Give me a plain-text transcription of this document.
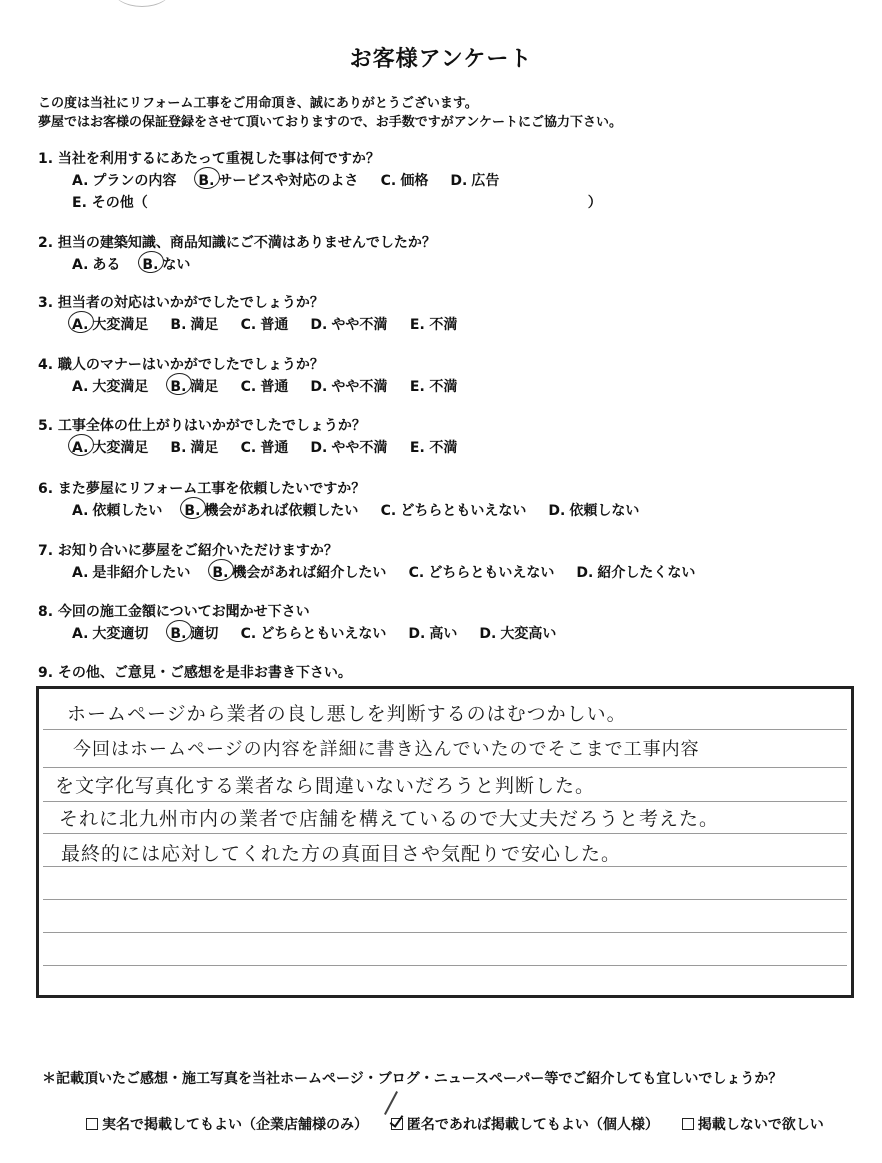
お客様アンケート
この度は当社にリフォーム工事をご用命頂き、誠にありがとうございます。
夢屋ではお客様の保証登録をさせて頂いておりますので、お手数ですがアンケートにご協力下さい。
1. 当社を利用するにあたって重視した事は何ですか？
A. プランの内容 B. サービスや対応のよさ C. 価格 D. 広告
E. その他（	）
2. 担当の建築知識、商品知識にご不満はありませんでしたか？
A. ある B. ない
3. 担当者の対応はいかがでしたでしょうか？
A. 大変満足 B. 満足 C. 普通 D. やや不満 E. 不満
4. 職人のマナーはいかがでしたでしょうか？
A. 大変満足 B. 満足 C. 普通 D. やや不満 E. 不満
5. 工事全体の仕上がりはいかがでしたでしょうか？
A. 大変満足 B. 満足 C. 普通 D. やや不満 E. 不満
6. また夢屋にリフォーム工事を依頼したいですか？
A. 依頼したい B. 機会があれば依頼したい C. どちらともいえない D. 依頼しない
7. お知り合いに夢屋をご紹介いただけますか？
A. 是非紹介したい B. 機会があれば紹介したい C. どちらともいえない D. 紹介したくない
8. 今回の施工金額についてお聞かせ下さい
A. 大変適切 B. 適切 C. どちらともいえない D. 高い D. 大変高い
9. その他、ご意見・ご感想を是非お書き下さい。
ホームページから業者の良し悪しを判断するのはむつかしい。
今回はホームページの内容を詳細に書き込んでいたのでそこまで工事内容
を文字化写真化する業者なら間違いないだろうと判断した。
それに北九州市内の業者で店舗を構えているので大丈夫だろうと考えた。
最終的には応対してくれた方の真面目さや気配りで安心した。
＊記載頂いたご感想・施工写真を当社ホームページ・ブログ・ニュースペーパー等でご紹介しても宜しいでしょうか？
実名で掲載してもよい（企業店舗様のみ）	匿名であれば掲載してもよい（個人様）	掲載しないで欲しい
